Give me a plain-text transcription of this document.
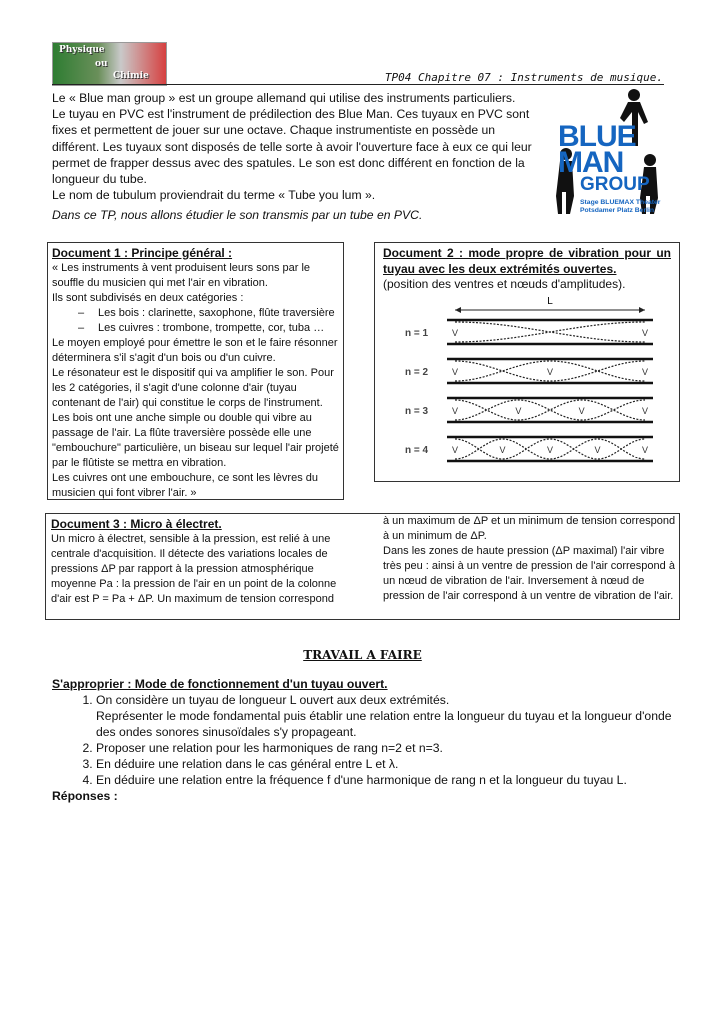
Physique
ou
Chimie	TP04 Chapitre 07 : Instruments de musique.

Le « Blue man group » est un groupe allemand qui utilise des instruments particuliers.

Le tuyau en PVC est l'instrument de prédilection des Blue Man. Ces tuyaux en PVC sont fixes et permettent de jouer sur une octave. Chaque instrumentiste en possède un différent. Les tuyaux sont disposés de telle sorte à avoir l'ouverture face à eux ce qui leur permet de frapper dessus avec des spatules. Le son est donc différent en fonction de la longueur du tube.

Le nom de tubulum proviendrait du terme « Tube you lum ».

Dans ce TP, nous allons étudier le son transmis par un tube en PVC.

BLUE
MAN
GROUP
Stage BLUEMAX Theater
Potsdamer Platz Berlin
Document 1 : Principe général :

« Les instruments à vent produisent leurs sons par le souffle du musicien qui met l'air en vibration.

Ils sont subdivisés en deux catégories :

– Les bois : clarinette, saxophone, flûte traversière
– Les cuivres : trombone, trompette, cor, tuba …

Le moyen employé pour émettre le son et le faire résonner déterminera s'il s'agit d'un bois ou d'un cuivre.

Le résonateur est le dispositif qui va amplifier le son. Pour les 2 catégories, il s'agit d'une colonne d'air (tuyau contenant de l'air) qui constitue le corps de l'instrument. Les bois ont une anche simple ou double qui vibre au passage de l'air. La flûte traversière possède elle une "embouchure" particulière, un biseau sur lequel l'air projeté par le flûtiste se mettra en vibration.

Les cuivres ont une embouchure, ce sont les lèvres du musicien qui font vibrer l'air. »

Document 2 : mode propre de vibration pour un tuyau avec les deux extrémités ouvertes.

(position des ventres et nœuds d'amplitudes).

L
n = 1	V	V
n = 2	V	V	V
n = 3	V	V	V	V
n = 4	V	V	V	V	V
Document 3 : Micro à électret.

Un micro à électret, sensible à la pression, est relié à une centrale d'acquisition. Il détecte des variations locales de pressions ΔP par rapport à la pression atmosphérique moyenne Pa : la pression de l'air en un point de la colonne d'air est P = Pa + ΔP. Un maximum de tension correspond

à un maximum de ΔP et un minimum de tension correspond à un minimum de ΔP.

Dans les zones de haute pression (ΔP maximal) l'air vibre très peu : ainsi à un ventre de pression de l'air correspond à un nœud de vibration de l'air. Inversement à nœud de pression de l'air correspond à un ventre de vibration de l'air.

TRAVAIL A FAIRE
S'approprier : Mode de fonctionnement d'un tuyau ouvert.
1. On considère un tuyau de longueur L ouvert aux deux extrémités.
Représenter le mode fondamental puis établir une relation entre la longueur du tuyau et la longueur d'onde des ondes sonores sinusoïdales s'y propageant.
2. Proposer une relation pour les harmoniques de rang n=2 et n=3.
3. En déduire une relation dans le cas général entre L et λ.
4. En déduire une relation entre la fréquence f d'une harmonique de rang n et la longueur du tuyau L.
Réponses :
